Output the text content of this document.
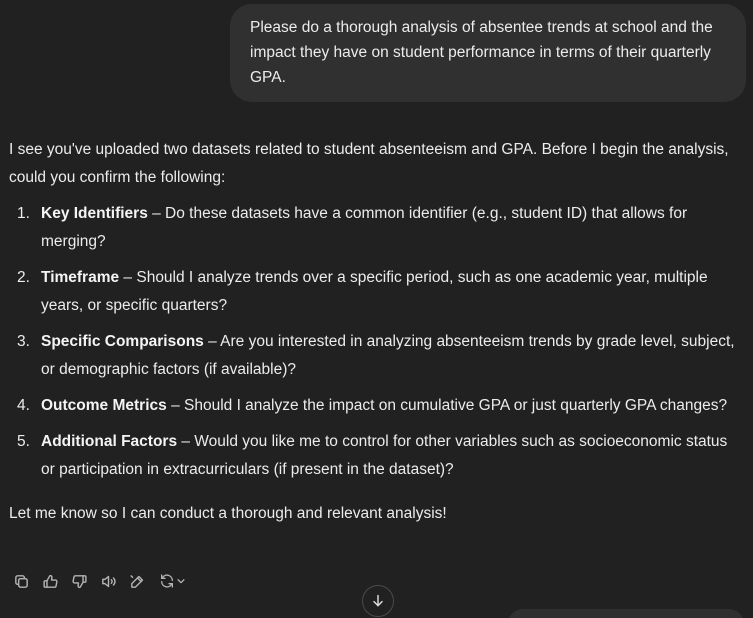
Please do a thorough analysis of absentee trends at school and the impact they have on student performance in terms of their quarterly GPA.

I see you've uploaded two datasets related to student absenteeism and GPA. Before I begin the analysis, could you confirm the following:

1. Key Identifiers – Do these datasets have a common identifier (e.g., student ID) that allows for merging?
2. Timeframe – Should I analyze trends over a specific period, such as one academic year, multiple years, or specific quarters?
3. Specific Comparisons – Are you interested in analyzing absenteeism trends by grade level, subject, or demographic factors (if available)?
4. Outcome Metrics – Should I analyze the impact on cumulative GPA or just quarterly GPA changes?
5. Additional Factors – Would you like me to control for other variables such as socioeconomic status or participation in extracurriculars (if present in the dataset)?

Let me know so I can conduct a thorough and relevant analysis!
